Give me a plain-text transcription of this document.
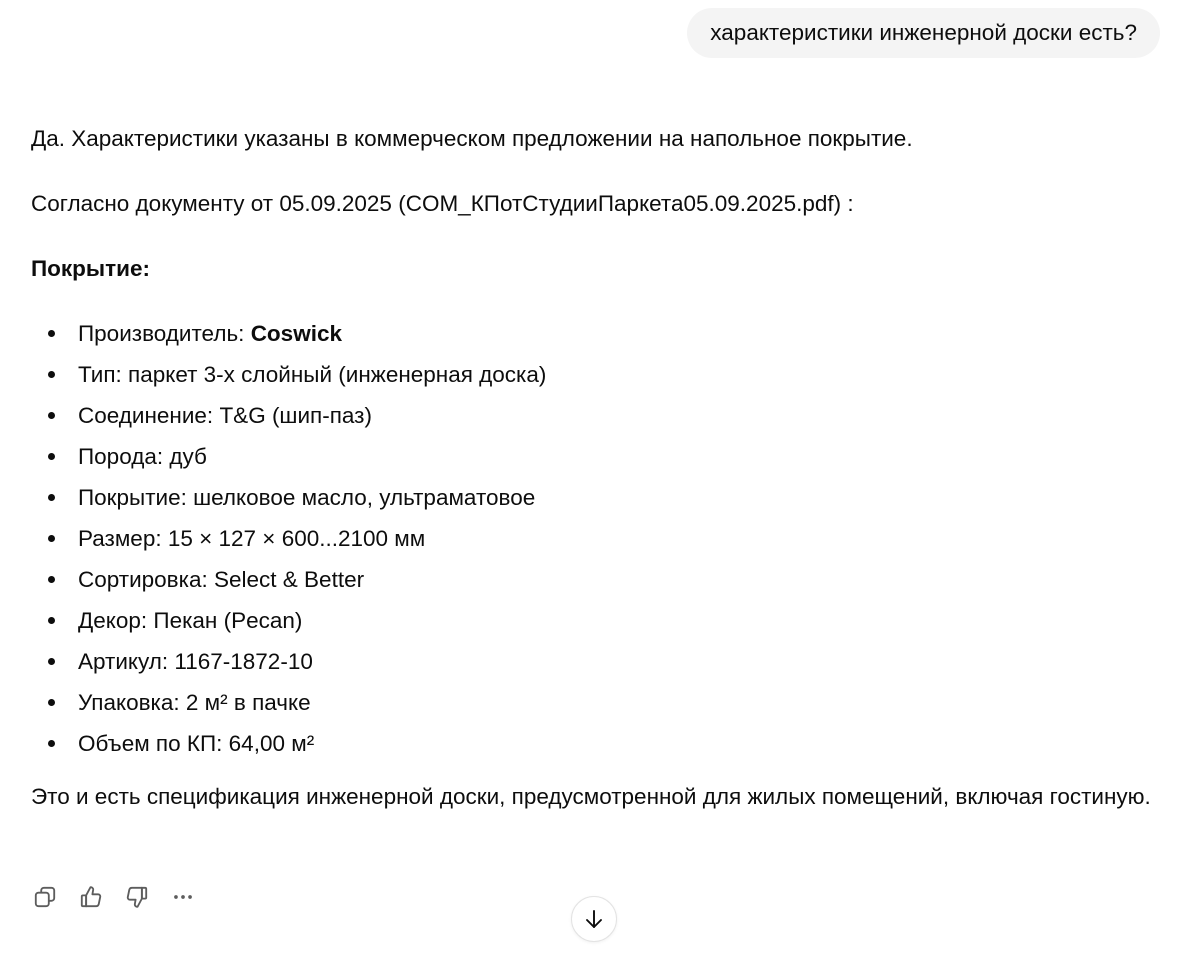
характеристики инженерной доски есть?

Да. Характеристики указаны в коммерческом предложении на напольное покрытие.

Согласно документу от 05.09.2025 (COM_КПотСтудииПаркета05.09.2025.pdf) :

Покрытие:

Производитель: Coswick
Тип: паркет 3-х слойный (инженерная доска)
Соединение: T&G (шип-паз)
Порода: дуб
Покрытие: шелковое масло, ультраматовое
Размер: 15 × 127 × 600...2100 мм
Сортировка: Select & Better
Декор: Пекан (Pecan)
Артикул: 1167-1872-10
Упаковка: 2 м² в пачке
Объем по КП: 64,00 м²

Это и есть спецификация инженерной доски, предусмотренной для жилых помещений, включая гостиную.
